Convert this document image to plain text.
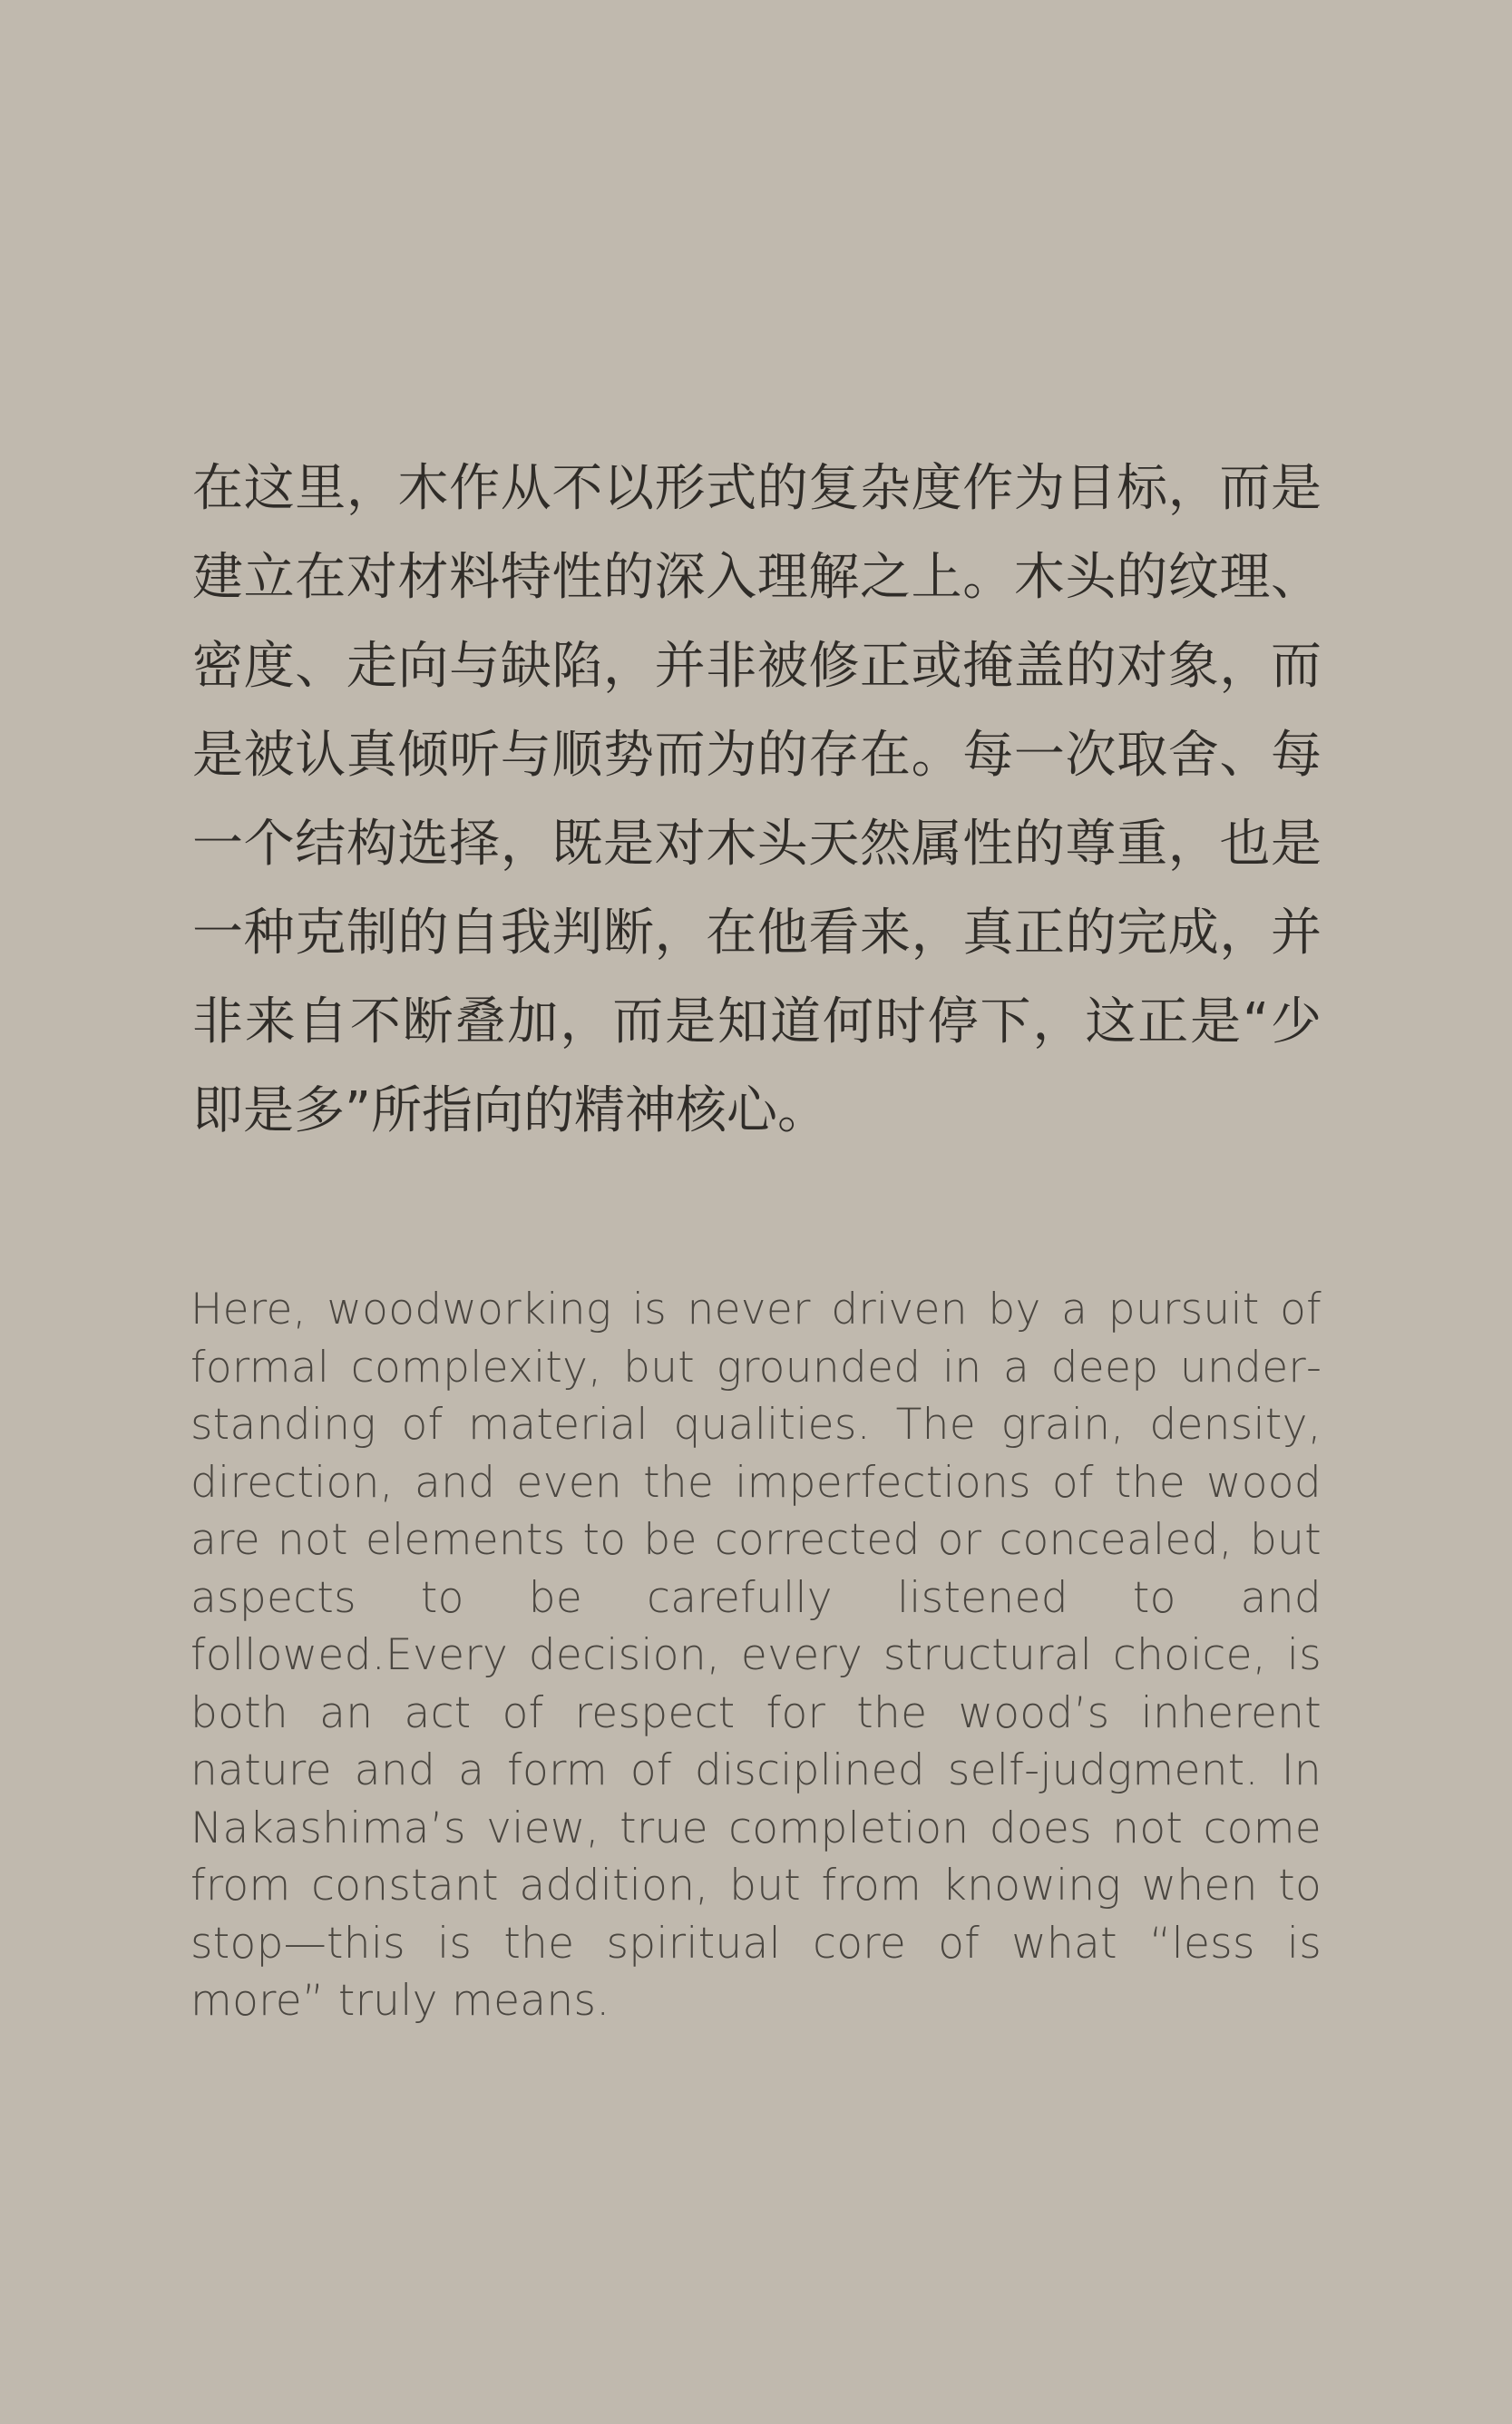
在这里，木作从不以形式的复杂度作为目标，而是建立在对材料特性的深入理解之上。木头的纹理、密度、走向与缺陷，并非被修正或掩盖的对象，而是被认真倾听与顺势而为的存在。每一次取舍、每一个结构选择，既是对木头天然属性的尊重，也是一种克制的自我判断，在他看来，真正的完成，并非来自不断叠加，而是知道何时停下，这正是“少即是多”所指向的精神核心。

Here, woodworking is never driven by a pursuit of formal complexity, but grounded in a deep understanding of material qualities. The grain, density, direction, and even the imperfections of the wood are not elements to be corrected or concealed, but aspects to be carefully listened to and followed.Every decision, every structural choice, is both an act of respect for the wood’s inherent nature and a form of disciplined self-judgment. In Nakashima’s view, true completion does not come from constant addition, but from knowing when to stop—this is the spiritual core of what “less is more” truly means.
